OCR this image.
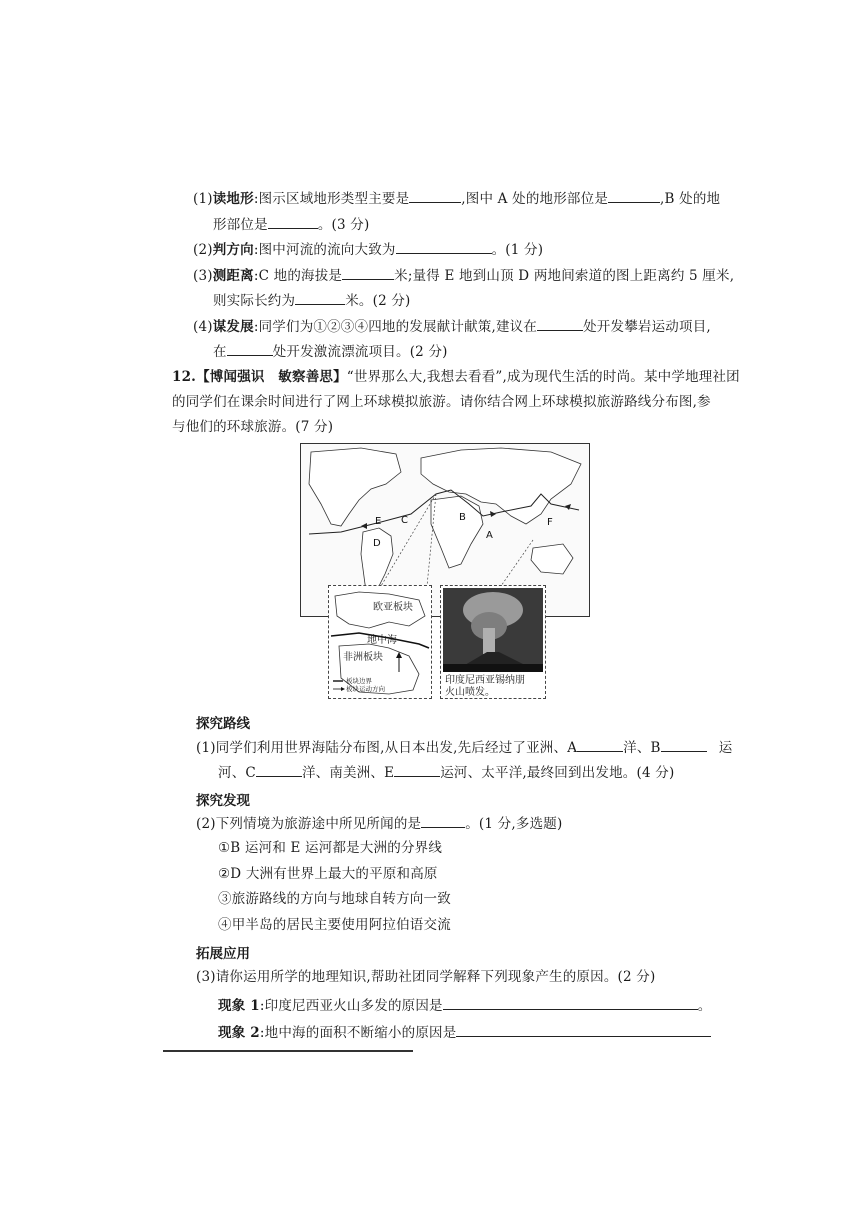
(1)读地形:图示区域地形类型主要是	,图中 A 处的地形部位是	,B 处的地
形部位是	。(3 分)
(2)判方向:图中河流的流向大致为	。(1 分)
(3)测距离:C 地的海拔是	米;量得 E 地到山顶 D 两地间索道的图上距离约 5 厘米,
则实际长约为	米。(2 分)
(4)谋发展:同学们为①②③④四地的发展献计献策,建议在	处开发攀岩运动项目,
在	处开发激流漂流项目。(2 分)
12.【博闻强识　敏察善思】“世界那么大,我想去看看”,成为现代生活的时尚。某中学地理社团
的同学们在课余时间进行了网上环球模拟旅游。请你结合网上环球模拟旅游路线分布图,参
与他们的环球旅游。(7 分)
E C
D
B
A
F
欧亚板块
地中海
非洲板块
板块边界
板块运动方向
印度尼西亚锡纳朋
火山喷发。
探究路线
(1)同学们利用世界海陆分布图,从日本出发,先后经过了亚洲、A	洋、B	运
河、C	洋、南美洲、E	运河、太平洋,最终回到出发地。(4 分)
探究发现
(2)下列情境为旅游途中所见所闻的是	。(1 分,多选题)
①B 运河和 E 运河都是大洲的分界线
②D 大洲有世界上最大的平原和高原
③旅游路线的方向与地球自转方向一致
④甲半岛的居民主要使用阿拉伯语交流
拓展应用
(3)请你运用所学的地理知识,帮助社团同学解释下列现象产生的原因。(2 分)
现象 1:印度尼西亚火山多发的原因是	。
现象 2:地中海的面积不断缩小的原因是
